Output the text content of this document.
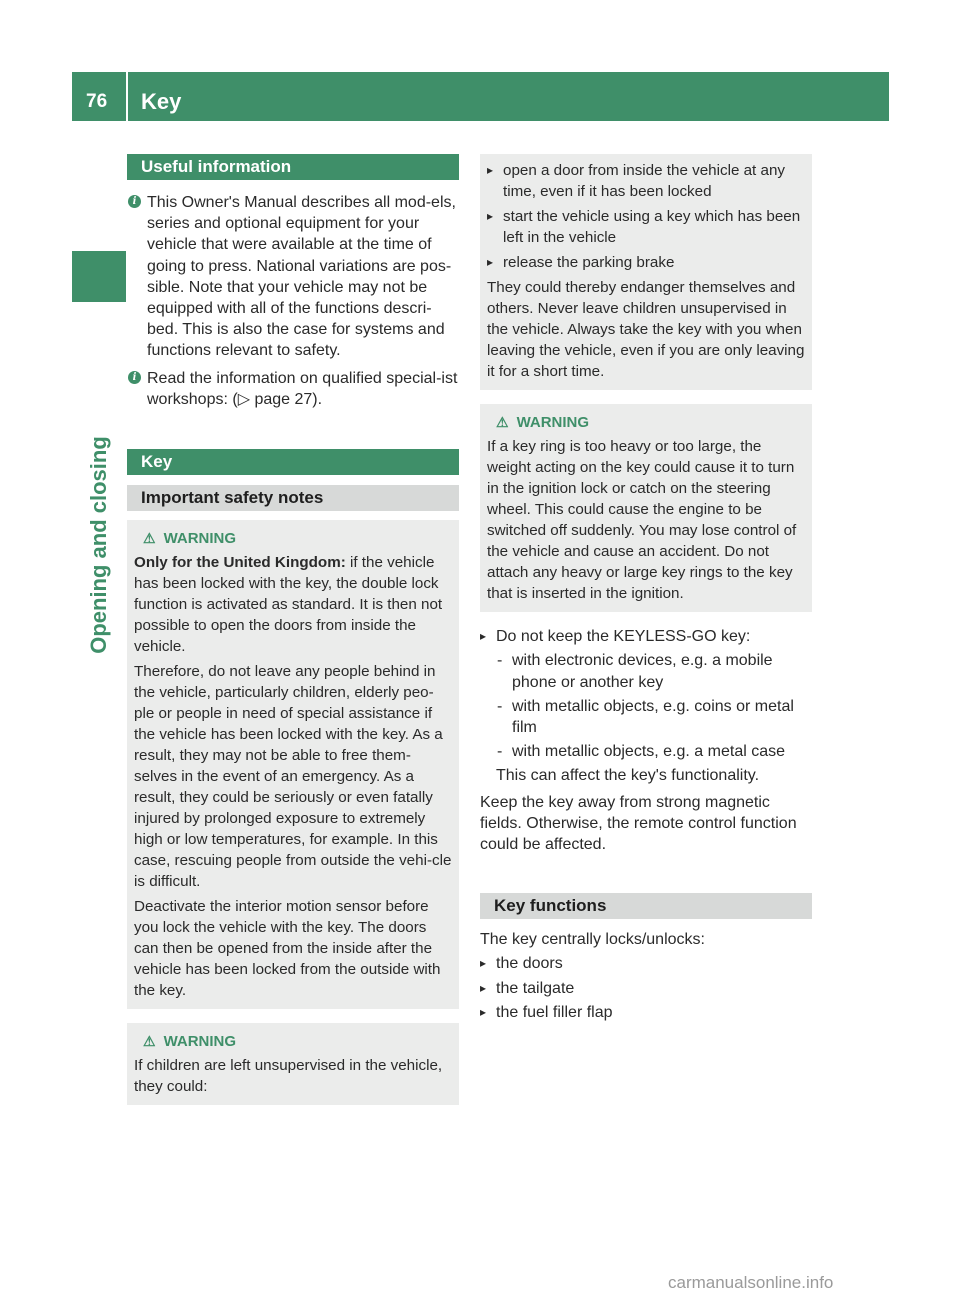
76 Key
Opening and closing
Useful information
i This Owner's Manual describes all mod-els, series and optional equipment for your vehicle that were available at the time of going to press. National variations are pos-sible. Note that your vehicle may not be equipped with all of the functions descri-bed. This is also the case for systems and functions relevant to safety.
i Read the information on qualified special-ist workshops: (▷ page 27).
Key
Important safety notes
⚠ WARNING

Only for the United Kingdom: if the vehicle has been locked with the key, the double lock function is activated as standard. It is then not possible to open the doors from inside the vehicle.

Therefore, do not leave any people behind in the vehicle, particularly children, elderly peo-ple or people in need of special assistance if the vehicle has been locked with the key. As a result, they may not be able to free them-selves in the event of an emergency. As a result, they could be seriously or even fatally injured by prolonged exposure to extremely high or low temperatures, for example. In this case, rescuing people from outside the vehi-cle is difficult.

Deactivate the interior motion sensor before you lock the vehicle with the key. The doors can then be opened from the inside after the vehicle has been locked from the outside with the key.

⚠ WARNING

If children are left unsupervised in the vehicle, they could:

▸ open a door from inside the vehicle at any time, even if it has been locked
▸ start the vehicle using a key which has been left in the vehicle
▸ release the parking brake

They could thereby endanger themselves and others. Never leave children unsupervised in the vehicle. Always take the key with you when leaving the vehicle, even if you are only leaving it for a short time.

⚠ WARNING

If a key ring is too heavy or too large, the weight acting on the key could cause it to turn in the ignition lock or catch on the steering wheel. This could cause the engine to be switched off suddenly. You may lose control of the vehicle and cause an accident. Do not attach any heavy or large key rings to the key that is inserted in the ignition.

▸ Do not keep the KEYLESS-GO key:
- with electronic devices, e.g. a mobile phone or another key
- with metallic objects, e.g. coins or metal film
- with metallic objects, e.g. a metal case
This can affect the key's functionality.

Keep the key away from strong magnetic fields. Otherwise, the remote control function could be affected.

Key functions

The key centrally locks/unlocks:

▸ the doors
▸ the tailgate
▸ the fuel filler flap
carmanualsonline.info
